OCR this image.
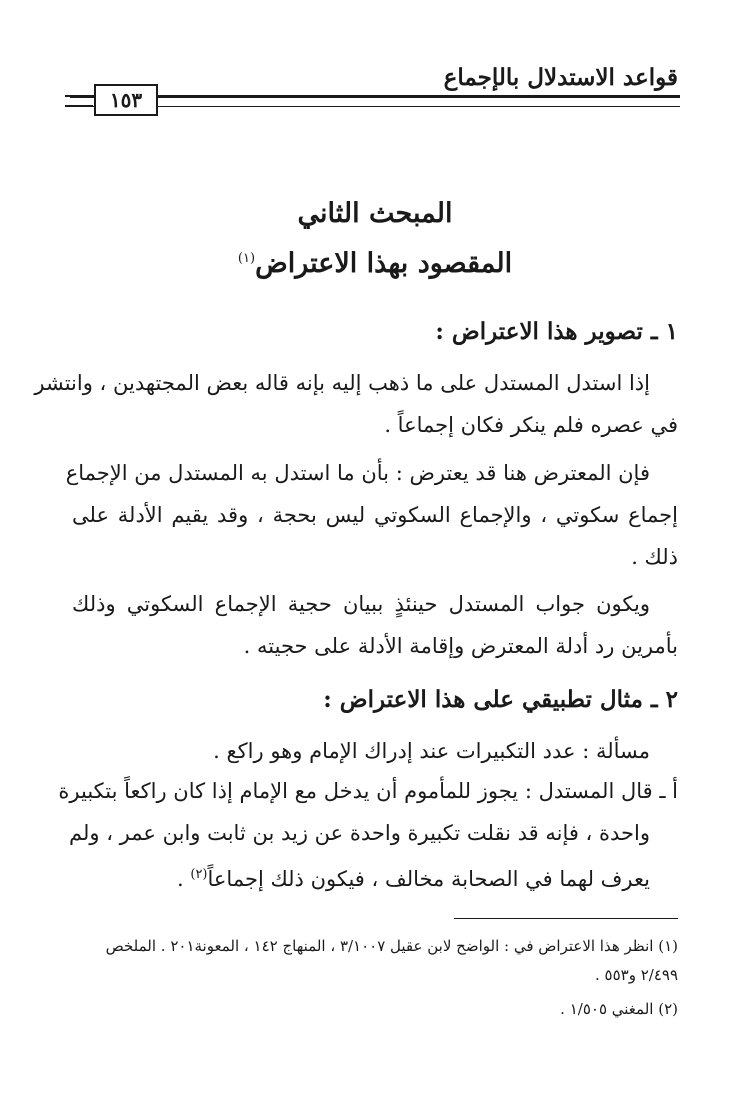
قواعد الاستدلال بالإجماع
١٥٣
المبحث الثاني
المقصود بهذا الاعتراض$^{(١)}$
١ ـ تصوير هذا الاعتراض :
إذا استدل المستدل على ما ذهب إليه بإنه قاله بعض المجتهدين ، وانتشر
في عصره فلم ينكر فكان إجماعاً .
فإن المعترض هنا قد يعترض : بأن ما استدل به المستدل من الإجماع
إجماع سكوتي ، والإجماع السكوتي ليس بحجة ، وقد يقيم الأدلة على
ذلك .
ويكون جواب المستدل حينئذٍ ببيان حجية الإجماع السكوتي وذلك
بأمرين رد أدلة المعترض وإقامة الأدلة على حجيته .
٢ ـ مثال تطبيقي على هذا الاعتراض :
مسألة : عدد التكبيرات عند إدراك الإمام وهو راكع .
أ ـ قال المستدل : يجوز للمأموم أن يدخل مع الإمام إذا كان راكعاً بتكبيرة
واحدة ، فإنه قد نقلت تكبيرة واحدة عن زيد بن ثابت وابن عمر ، ولم
يعرف لهما في الصحابة مخالف ، فيكون ذلك إجماعاً$^{(٢)}$ .
(١) انظر هذا الاعتراض في : الواضح لابن عقيل ٣/١٠٠٧ ، المنهاج ١٤٢ ، المعونة٢٠١ . الملخص
٢/٤٩٩ و٥٥٣ .
(٢) المغني ١/٥٠٥ .
